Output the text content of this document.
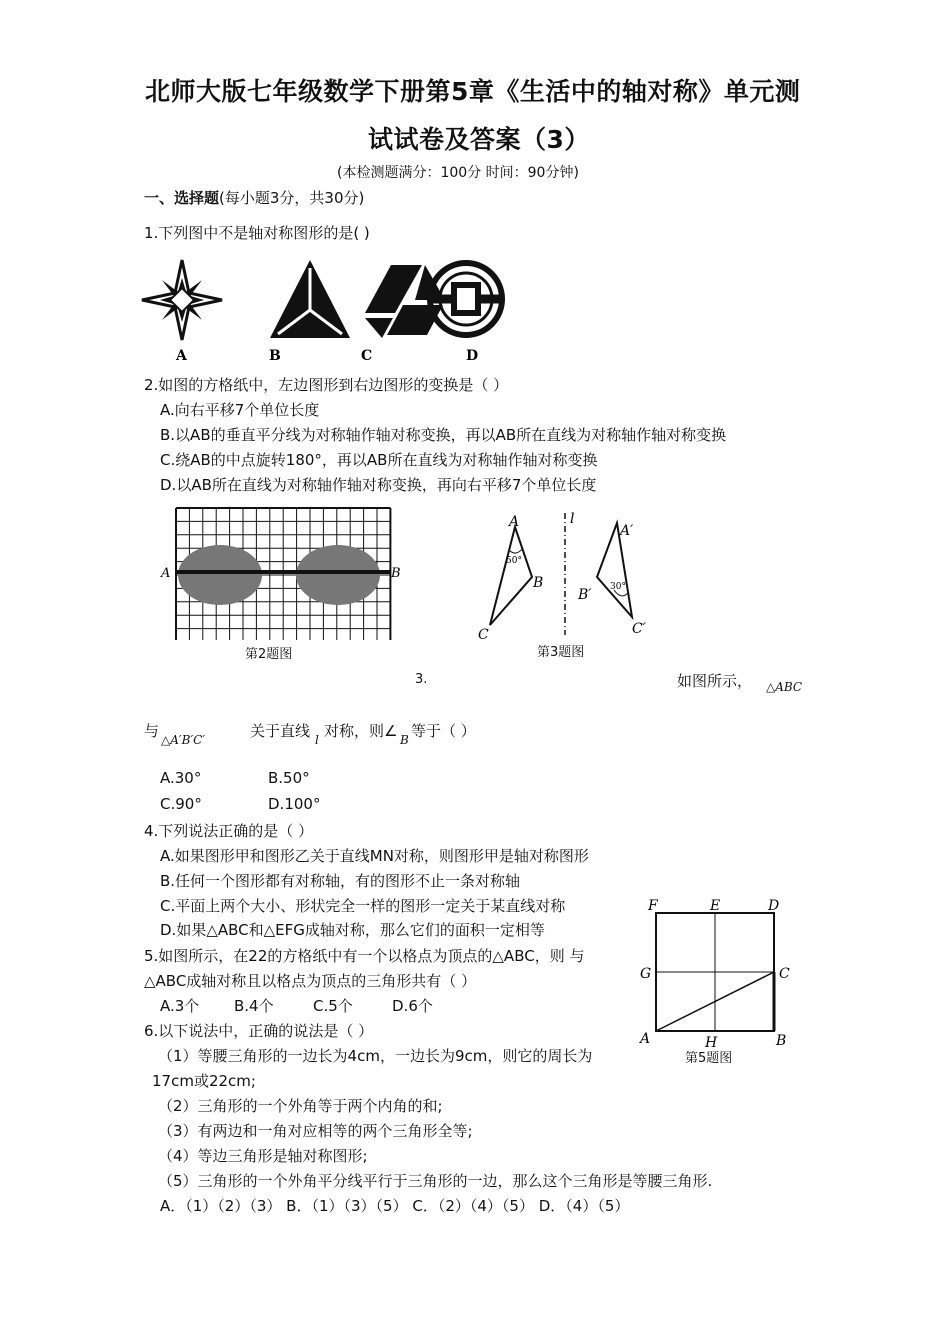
北师大版七年级数学下册第5章《生活中的轴对称》单元测
试试卷及答案（3）
(本检测题满分：100分 时间：90分钟)
一、选择题(每小题3分，共30分)
1.下列图中不是轴对称图形的是( )
A	B	C	D
2.如图的方格纸中，左边图形到右边图形的变换是（ ）
A.向右平移7个单位长度
B.以AB的垂直平分线为对称轴作轴对称变换，再以AB所在直线为对称轴作轴对称变换
C.绕AB的中点旋转180°，再以AB所在直线为对称轴作轴对称变换
D.以AB所在直线为对称轴作轴对称变换，再向右平移7个单位长度
A	B
第2题图
50°
30°
A
B
C
l
A′
B′
C′
第3题图
3.	如图所示， △ABC
与 △A′B′C′	关于直线 l 对称，则∠ B 等于（ ）
A.30°	B.50°
C.90°	D.100°
4.下列说法正确的是（ ）
A.如果图形甲和图形乙关于直线MN对称，则图形甲是轴对称图形
B.任何一个图形都有对称轴，有的图形不止一条对称轴
C.平面上两个大小、形状完全一样的图形一定关于某直线对称
D.如果△ABC和△EFG成轴对称，那么它们的面积一定相等
F	E	D
G	C
A	H	B
第5题图
5.如图所示，在22的方格纸中有一个以格点为顶点的△ABC，则 与
△ABC成轴对称且以格点为顶点的三角形共有（ ）
A.3个 B.4个	C.5个	D.6个
6.以下说法中，正确的说法是（ ）
（1）等腰三角形的一边长为4cm，一边长为9cm，则它的周长为
17cm或22cm;
（2）三角形的一个外角等于两个内角的和;
（3）有两边和一角对应相等的两个三角形全等;
（4）等边三角形是轴对称图形;
（5）三角形的一个外角平分线平行于三角形的一边，那么这个三角形是等腰三角形.
A．（1）（2）（3） B．（1）（3）（5） C．（2）（4）（5） D．（4）（5）
